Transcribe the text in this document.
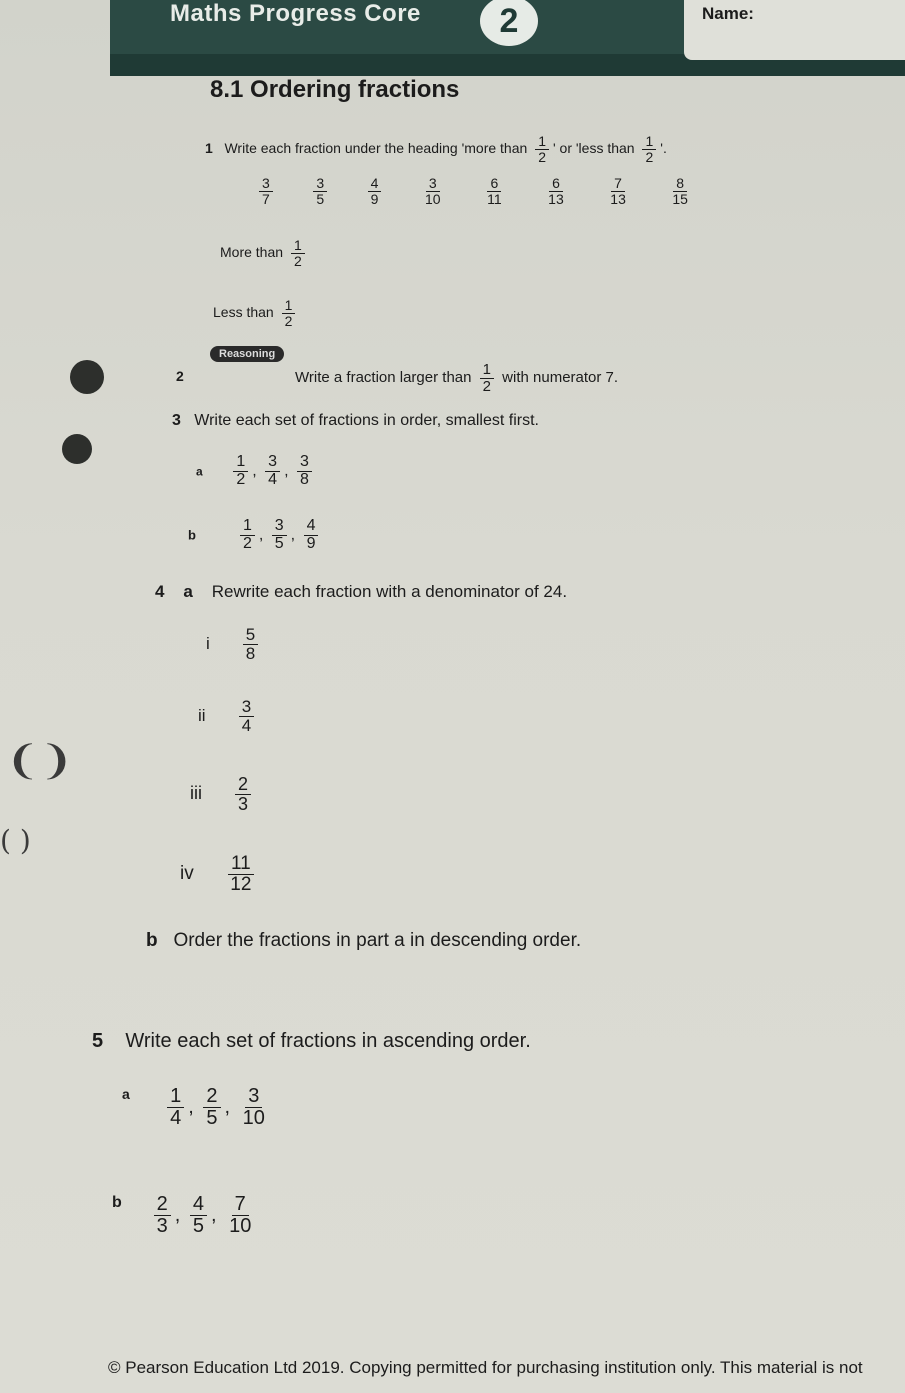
Maths Progress Core	2	Name:
8.1 Ordering fractions
1 Write each fraction under the heading 'more than $\frac{1}{2}$ ' or 'less than $\frac{1}{2}$ '.
$\frac{3}{7}$	$\frac{3}{5}$	$\frac{4}{9}$	$\frac{3}{10}$	$\frac{6}{11}$	$\frac{6}{13}$	$\frac{7}{13}$	$\frac{8}{15}$
More than $\frac{1}{2}$
Less than $\frac{1}{2}$
Reasoning
2	Write a fraction larger than $\frac{1}{2}$ with numerator 7.
3 Write each set of fractions in order, smallest first.
a $\frac{1}{2}$ , $\frac{3}{4}$ , $\frac{3}{8}$
b	$\frac{1}{2}$ , $\frac{3}{5}$ , $\frac{4}{9}$
4 a Rewrite each fraction with a denominator of 24.
i $\frac{5}{8}$
ii $\frac{3}{4}$
iii $\frac{2}{3}$
iv $\frac{11}{12}$
b Order the fractions in part a in descending order.
5 Write each set of fractions in ascending order.
$^a \frac{1}{4}$ , $\frac{2}{5}$ , $\frac{3}{10}$
$^b \frac{2}{3}$ , $\frac{4}{5}$ , $\frac{7}{10}$
❨❩
( )
© Pearson Education Ltd 2019. Copying permitted for purchasing institution only. This material is not
